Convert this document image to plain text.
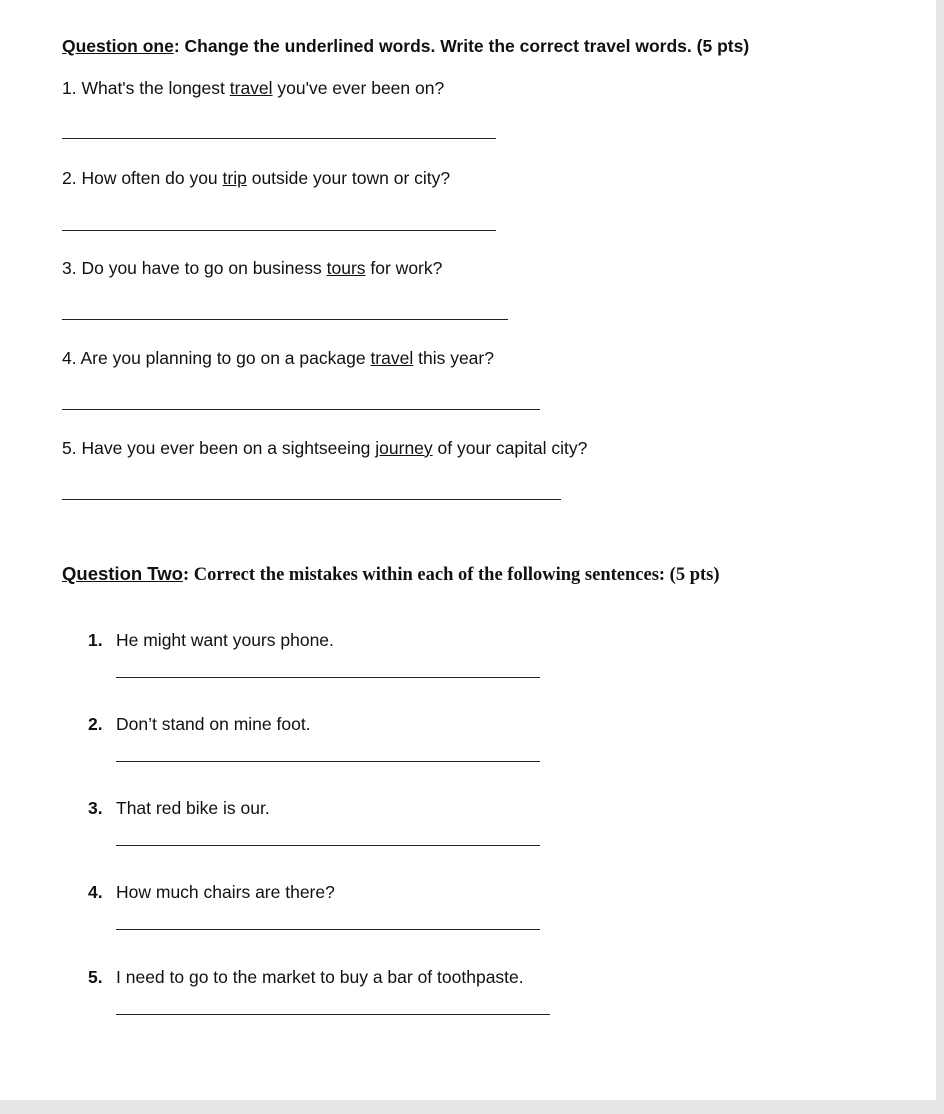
Question one: Change the underlined words. Write the correct travel words. (5 pts)
1. What's the longest travel you've ever been on?
2. How often do you trip outside your town or city?
3. Do you have to go on business tours for work?
4. Are you planning to go on a package travel this year?
5. Have you ever been on a sightseeing journey of your capital city?
Question Two: Correct the mistakes within each of the following sentences: (5 pts)
1. He might want yours phone.
2. Don’t stand on mine foot.
3. That red bike is our.
4. How much chairs are there?
5. I need to go to the market to buy a bar of toothpaste.
